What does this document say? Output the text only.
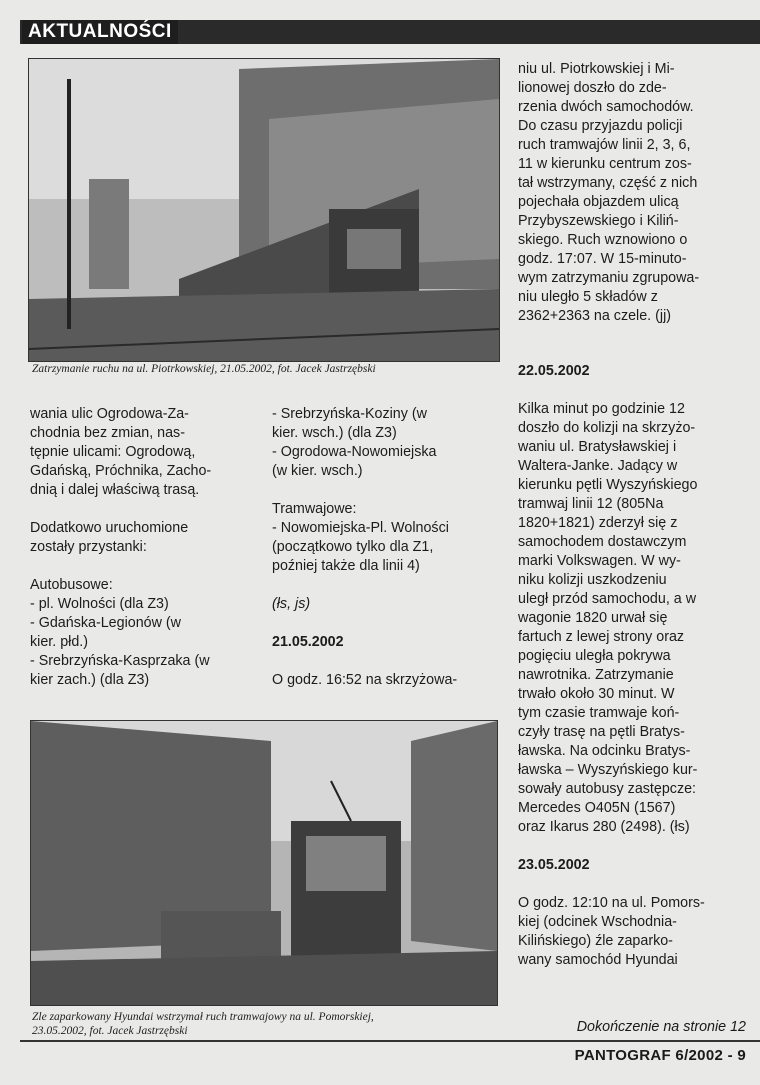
AKTUALNOŚCI
Zatrzymanie ruchu na ul. Piotrkowskiej, 21.05.2002, fot. Jacek Jastrzębski
niu ul. Piotrkowskiej i Mi-
lionowej doszło do zde-
rzenia dwóch samochodów.
Do czasu przyjazdu policji
ruch tramwajów linii 2, 3, 6,
11 w kierunku centrum zos-
tał wstrzymany, część z nich
pojechała objazdem ulicą
Przybyszewskiego i Kiliń-
skiego. Ruch wznowiono o
godz. 17:07. W 15-minuto-
wym zatrzymaniu zgrupowa-
niu uległo 5 składów z
2362+2363 na czele. (jj)
wania ulic Ogrodowa-Za-
chodnia bez zmian, nas-
tępnie ulicami: Ogrodową,
Gdańską, Próchnika, Zacho-
dnią i dalej właściwą trasą.
Dodatkowo uruchomione
zostały przystanki:
Autobusowe:
- pl. Wolności (dla Z3)
- Gdańska-Legionów (w
kier. płd.)
- Srebrzyńska-Kasprzaka (w
kier zach.) (dla Z3)
- Srebrzyńska-Koziny (w
kier. wsch.) (dla Z3)
- Ogrodowa-Nowomiejska
(w kier. wsch.)
Tramwajowe:
- Nowomiejska-Pl. Wolności
(początkowo tylko dla Z1,
poźniej także dla linii 4)
(łs, js)
21.05.2002
O godz. 16:52 na skrzyżowa-
Zle zaparkowany Hyundai wstrzymał ruch tramwajowy na ul. Pomorskiej,
23.05.2002, fot. Jacek Jastrzębski
22.05.2002
Kilka minut po godzinie 12
doszło do kolizji na skrzyżo-
waniu ul. Bratysławskiej i
Waltera-Janke. Jadący w
kierunku pętli Wyszyńskiego
tramwaj linii 12 (805Na
1820+1821) zderzył się z
samochodem dostawczym
marki Volkswagen. W wy-
niku kolizji uszkodzeniu
uległ przód samochodu, a w
wagonie 1820 urwał się
fartuch z lewej strony oraz
pogięciu uległa pokrywa
nawrotnika. Zatrzymanie
trwało około 30 minut. W
tym czasie tramwaje koń-
czyły trasę na pętli Bratys-
ławska. Na odcinku Bratys-
ławska – Wyszyńskiego kur-
sowały autobusy zastępcze:
Mercedes O405N (1567)
oraz Ikarus 280 (2498). (łs)
23.05.2002
O godz. 12:10 na ul. Pomors-
kiej (odcinek Wschodnia-
Kilińskiego) źle zaparko-
wany samochód Hyundai
Dokończenie na stronie 12
PANTOGRAF 6/2002 - 9
